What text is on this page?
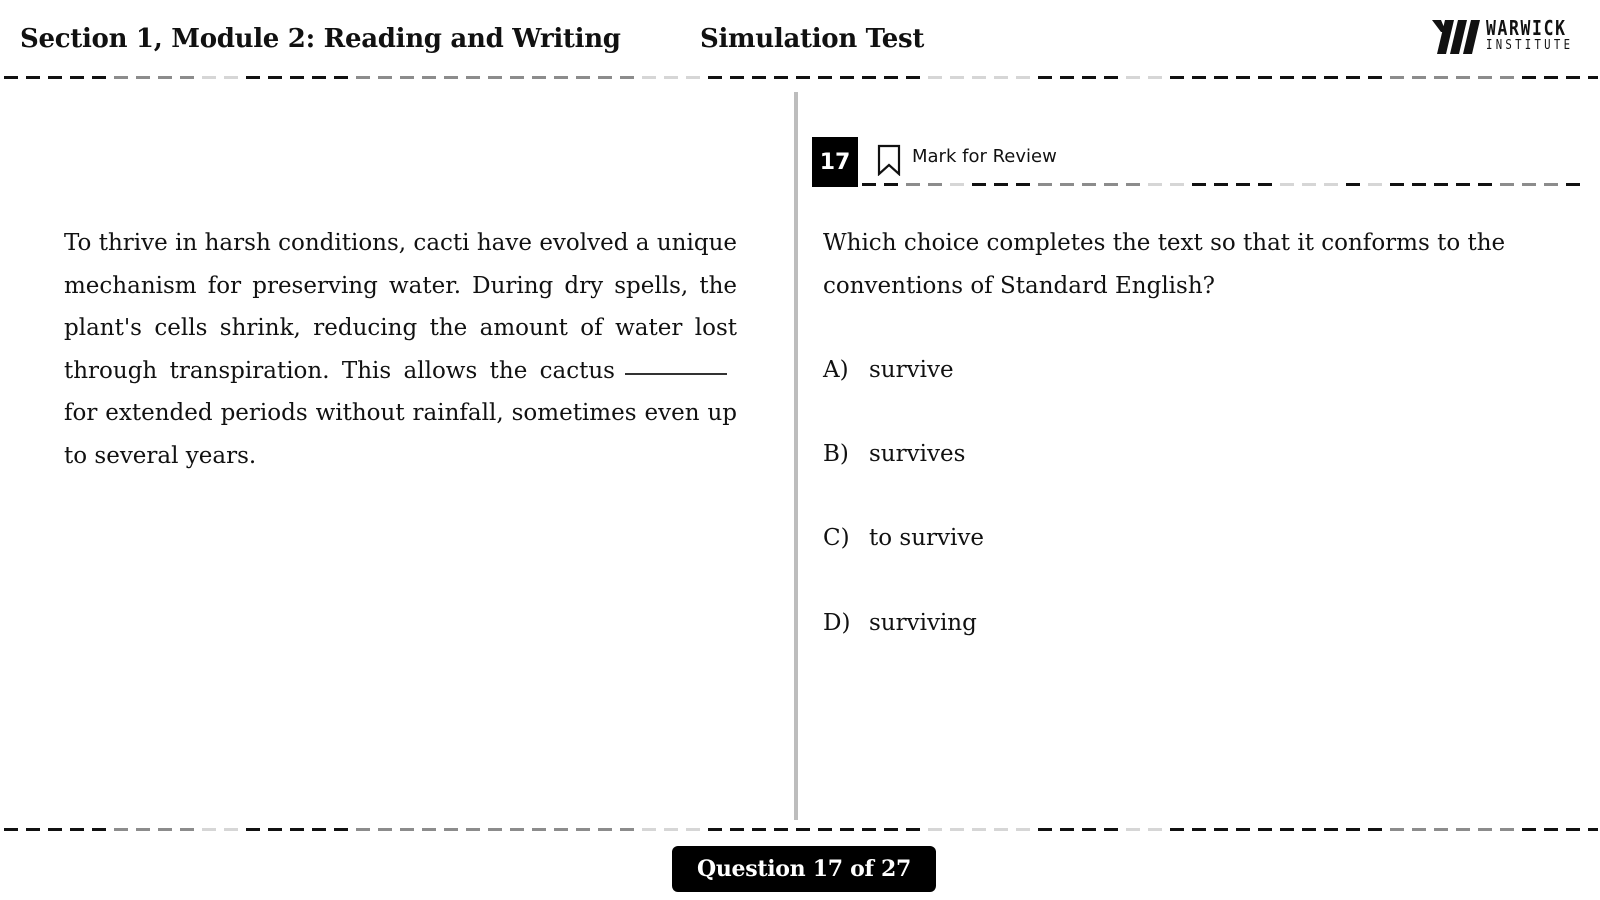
Section 1, Module 2: Reading and Writing	Simulation Test	WARWICK
INSTITUTE
To thrive in harsh conditions, cacti have evolved a unique mechanism for preserving water. During dry spells, the plant's cells shrink, reducing the amount of water lost through transpiration. This allows the cactusfor extended periods without rainfall, sometimes even up to several years.
17	Mark for Review
Which choice completes the text so that it conforms to the conventions of Standard English?
A) survive
B) survives
C) to survive
D) surviving
Question 17 of 27
